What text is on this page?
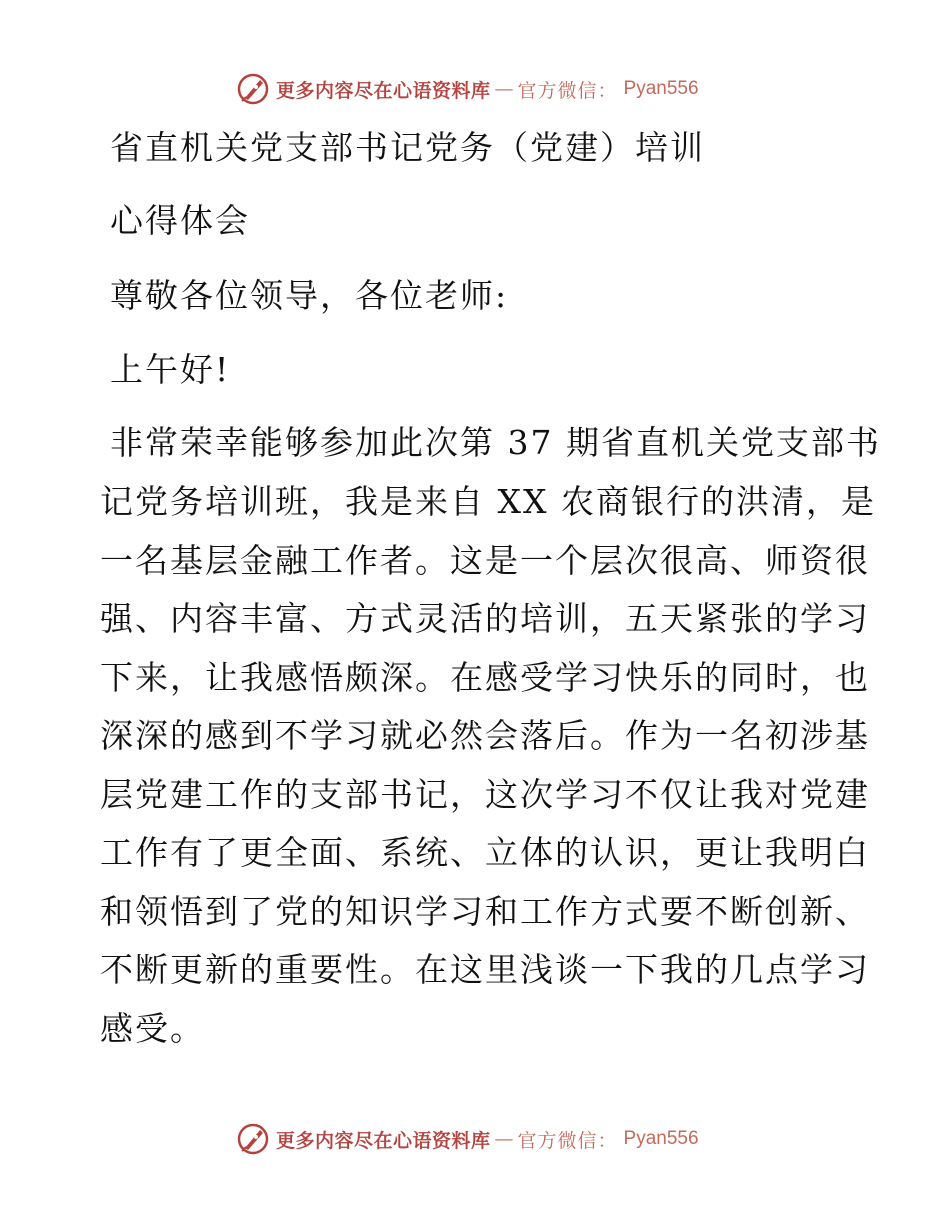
更多内容尽在心语资料库 — 官方微信： Pyan556
省直机关党支部书记党务（党建）培训
心得体会
尊敬各位领导，各位老师:
上午好!
非常荣幸能够参加此次第 37 期省直机关党支部书
记党务培训班，我是来自 XX 农商银行的洪清，是
一名基层金融工作者。这是一个层次很高、师资很
强、内容丰富、方式灵活的培训，五天紧张的学习
下来，让我感悟颇深。在感受学习快乐的同时，也
深深的感到不学习就必然会落后。作为一名初涉基
层党建工作的支部书记，这次学习不仅让我对党建
工作有了更全面、系统、立体的认识，更让我明白
和领悟到了党的知识学习和工作方式要不断创新、
不断更新的重要性。在这里浅谈一下我的几点学习
感受。
更多内容尽在心语资料库 — 官方微信： Pyan556
